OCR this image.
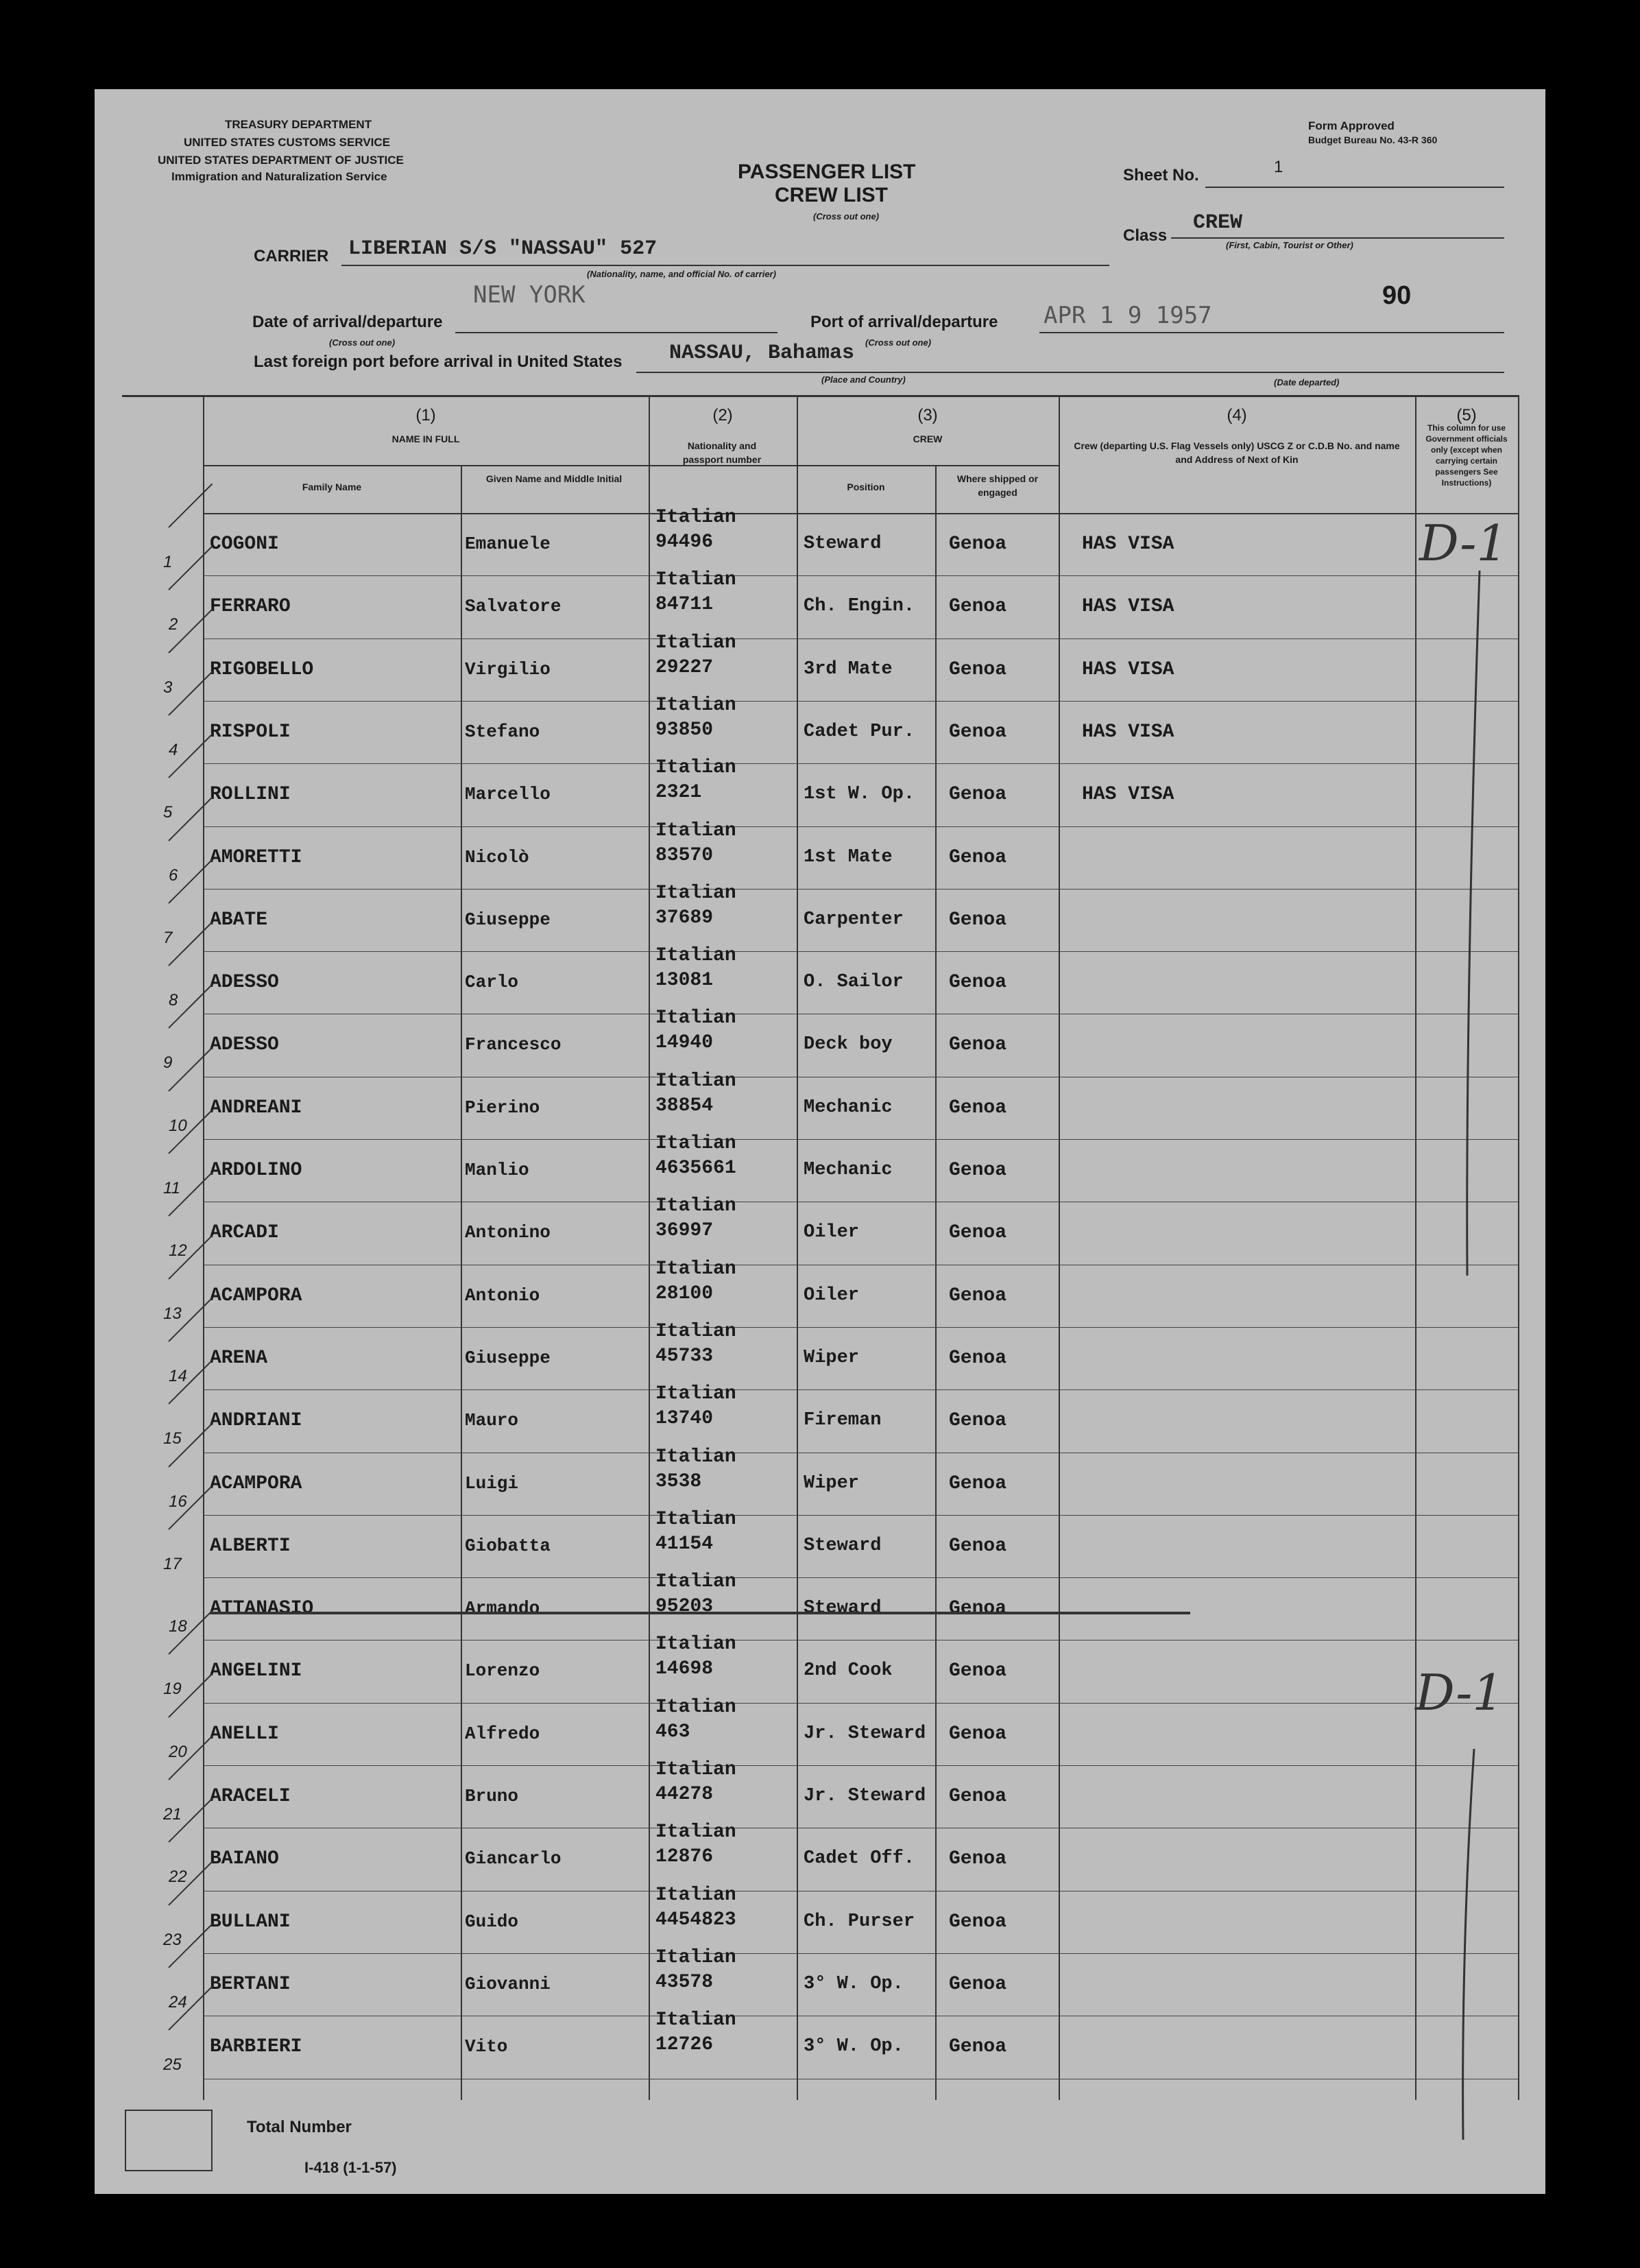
TREASURY DEPARTMENT
UNITED STATES CUSTOMS SERVICE
UNITED STATES DEPARTMENT OF JUSTICE
Immigration and Naturalization Service
Form Approved
Budget Bureau No. 43-R 360
PASSENGER LIST
CREW LIST
(Cross out one)
Sheet No.	1
Class
CREW
(First, Cabin, Tourist or Other)
90
CARRIER LIBERIAN S/S "NASSAU" 527
(Nationality, name, and official No. of carrier)
Date of arrival/departure
(Cross out one)
NEW YORK
Port of arrival/departure
(Cross out one)
APR 1 9 1957
Last foreign port before arrival in United States NASSAU, Bahamas
(Place and Country)	(Date departed)
(1)
NAME IN FULL
Family Name
Given Name and Middle Initial
(2)
Nationality and passport number
(3)
CREW
Position
Where shipped or engaged
(4)
Crew (departing U.S. Flag Vessels only) USCG Z or C.D.B No. and name and Address of Next of Kin
(5)
This column for use Government officials only (except when carrying certain passengers See Instructions)
1
COGONI	Emanuele
Italian
94496	Steward	Genoa	HAS VISA
2
FERRARO	Salvatore
Italian
84711	Ch. Engin. Genoa	HAS VISA
3
RIGOBELLO	Virgilio
Italian
29227	3rd Mate	Genoa	HAS VISA
4
RISPOLI	Stefano
Italian
93850	Cadet Pur. Genoa	HAS VISA
5
ROLLINI	Marcello
Italian
2321	1st W. Op. Genoa	HAS VISA
6
AMORETTI	Nicolò
Italian
83570	1st Mate	Genoa
7
ABATE	Giuseppe
Italian
37689	Carpenter Genoa
8
ADESSO	Carlo
Italian
13081	O. Sailor Genoa
9
ADESSO	Francesco
Italian
14940	Deck boy	Genoa
10
ANDREANI	Pierino
Italian
38854	Mechanic	Genoa
11
ARDOLINO	Manlio
Italian
4635661	Mechanic	Genoa
12
ARCADI	Antonino
Italian
36997	Oiler	Genoa
13
ACAMPORA	Antonio
Italian
28100	Oiler	Genoa
14
ARENA	Giuseppe
Italian
45733	Wiper	Genoa
15
ANDRIANI	Mauro
Italian
13740	Fireman	Genoa
16
ACAMPORA	Luigi
Italian
3538	Wiper	Genoa
17
ALBERTI	Giobatta
Italian
41154	Steward	Genoa
18
ATTANASIO	Armando
Italian
95203	Steward	Genoa
19
ANGELINI	Lorenzo
Italian
14698	2nd Cook	Genoa
20
ANELLI	Alfredo
Italian
463	Jr. Steward Genoa
21
ARACELI	Bruno
Italian
44278	Jr. Steward Genoa
22
BAIANO	Giancarlo
Italian
12876	Cadet Off. Genoa
23
BULLANI	Guido
Italian
4454823	Ch. Purser Genoa
24
BERTANI	Giovanni
Italian
43578	3° W. Op. Genoa
25
BARBIERI	Vito
Italian
12726	3° W. Op. Genoa
D-1
D-1
Total Number
I-418 (1-1-57)
